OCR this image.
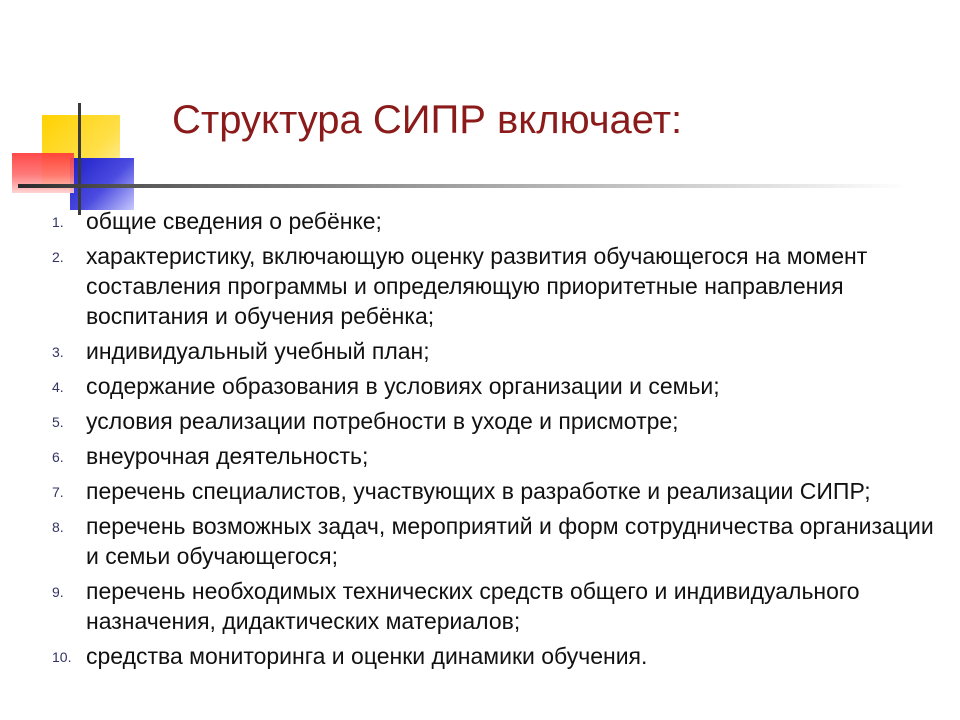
Структура СИПР включает:
1. общие сведения о ребёнке;
2. характеристику, включающую оценку развития обучающегося на момент составления программы и определяющую приоритетные направления воспитания и обучения ребёнка;
3. индивидуальный учебный план;
4. содержание образования в условиях организации и семьи;
5. условия реализации потребности в уходе и присмотре;
6. внеурочная деятельность;
7. перечень специалистов, участвующих в разработке и реализации СИПР;
8. перечень возможных задач, мероприятий и форм сотрудничества организации и семьи обучающегося;
9. перечень необходимых технических средств общего и индивидуального назначения, дидактических материалов;
10. средства мониторинга и оценки динамики обучения.
